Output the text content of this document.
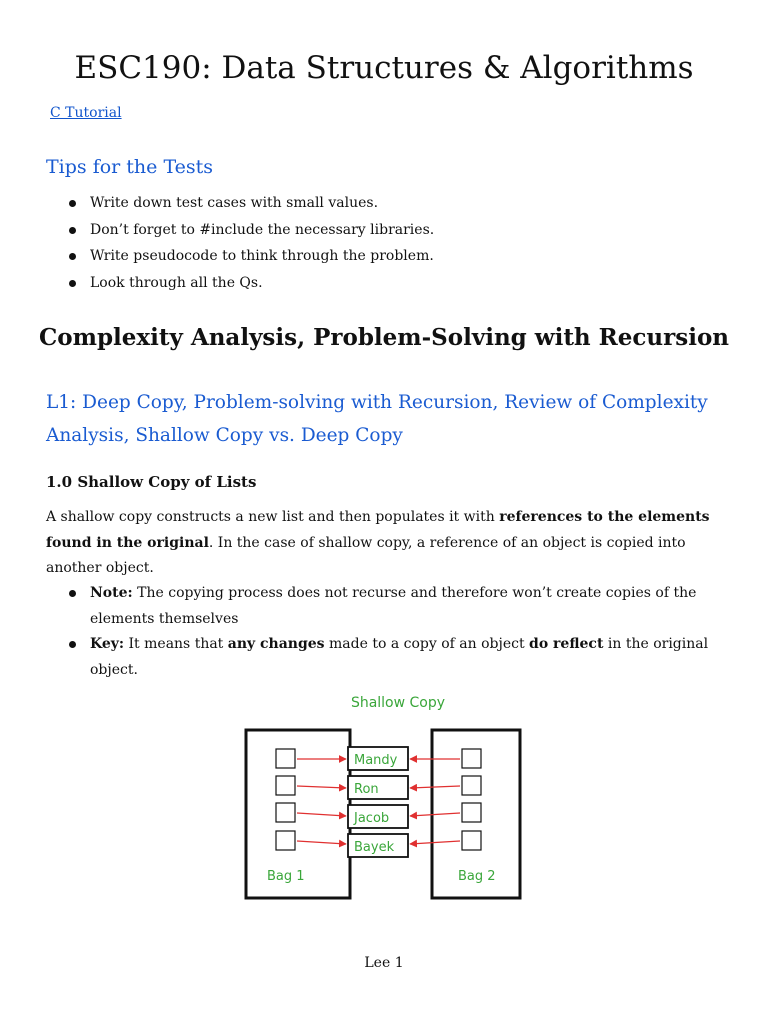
ESC190: Data Structures & Algorithms
C Tutorial
Tips for the Tests
Write down test cases with small values.
Don’t forget to #include the necessary libraries.
Write pseudocode to think through the problem.
Look through all the Qs.
Complexity Analysis, Problem-Solving with Recursion
L1: Deep Copy, Problem-solving with Recursion, Review of Complexity
Analysis, Shallow Copy vs. Deep Copy
1.0 Shallow Copy of Lists

A shallow copy constructs a new list and then populates it with references to the elements found in the original. In the case of shallow copy, a reference of an object is copied into another object.

Note: The copying process does not recurse and therefore won’t create copies of the elements themselves
Key: It means that any changes made to a copy of an object do reflect in the original object.
Shallow Copy
Mandy
Ron
Jacob
Bayek
Bag 1	Bag 2
Lee 1
